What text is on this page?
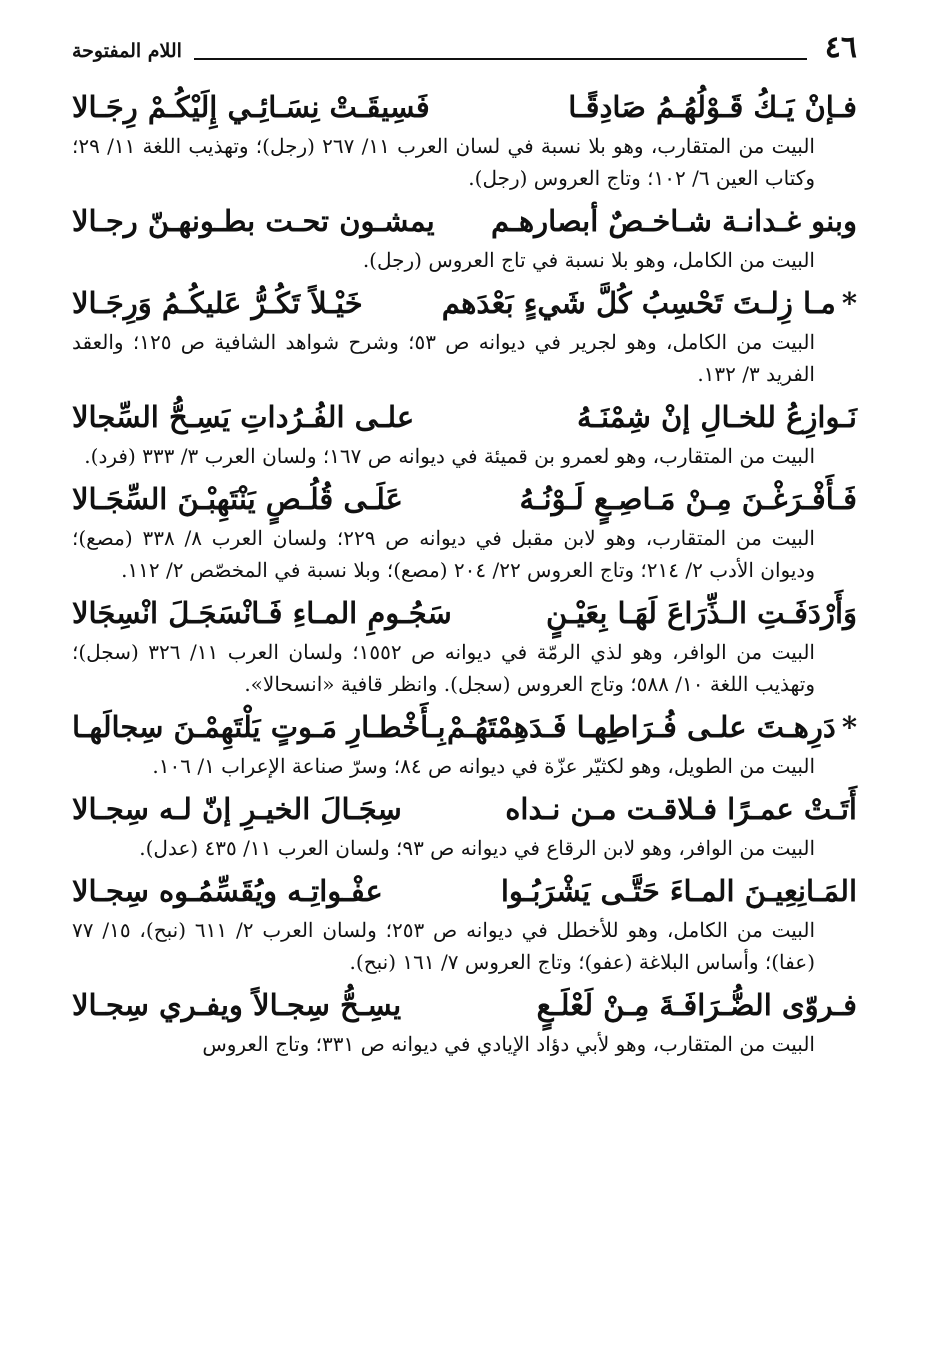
٤٦
اللام المفتوحة
فـإنْ يَـكُ قَـوْلُهُـمُ صَادِقًـا
فَسِيقَـتْ نِسَـائِـي إِلَيْكُـمْ رِجَـالا
البيت من المتقارب، وهو بلا نسبة في لسان العرب ١١/ ٢٦٧ (رجل)؛ وتهذيب اللغة ١١/ ٢٩؛ وكتاب العين ٦/ ١٠٢؛ وتاج العروس (رجل).
وبنو غـدانـة شـاخـصٌ أبصارهـم
يمشـون تحـت بطـونهـنّ رجـالا
البيت من الكامل، وهو بلا نسبة في تاج العروس (رجل).
*مـا زِلـتَ تَحْسِبُ كُلَّ شَيءٍ بَعْدَهم
خَيْـلاً تَكُـرُّ عَليكُـمُ وَرِجَـالا
البيت من الكامل، وهو لجرير في ديوانه ص ٥٣؛ وشرح شواهد الشافية ص ١٢٥؛ والعقد الفريد ٣/ ١٣٢.
نَـوازِعُ للخـالِ إنْ شِمْنَـهُ
علـى الفُـرُداتِ يَسِـحُّ السِّجالا
البيت من المتقارب، وهو لعمرو بن قميئة في ديوانه ص ١٦٧؛ ولسان العرب ٣/ ٣٣٣ (فرد).
فَـأَفْـرَغْـنَ مِـنْ مَـاصِـعٍ لَـوْنُـهُ
عَلَـى قُلُـصٍ يَنْتَهِبْـنَ السِّجَـالا
البيت من المتقارب، وهو لابن مقبل في ديوانه ص ٢٢٩؛ ولسان العرب ٨/ ٣٣٨ (مصع)؛ وديوان الأدب ٢/ ٢١٤؛ وتاج العروس ٢٢/ ٢٠٤ (مصع)؛ وبلا نسبة في المخصّص ٢/ ١١٢.
وَأَرْدَفَـتِ الـذِّرَاعَ لَهَـا بِعَيْـنٍ
سَجُـومِ المـاءِ فَـانْسَجَـلَ انْسِجَالا
البيت من الوافر، وهو لذي الرمّة في ديوانه ص ١٥٥٢؛ ولسان العرب ١١/ ٣٢٦ (سجل)؛ وتهذيب اللغة ١٠/ ٥٨٨؛ وتاج العروس (سجل). وانظر قافية «انسحالا».
*دَرِهـتَ علـى فُـرَاطِهـا فَـدَهِمْتَهُـمْ
بِـأَخْطـارِ مَـوتٍ يَلْتَهِمْـنَ سِجالَهـا
البيت من الطويل، وهو لكثيّر عزّة في ديوانه ص ٨٤؛ وسرّ صناعة الإعراب ١/ ١٠٦.
أَتَـتْ عمـرًا فـلاقـت مـن نـداه
سِجَـالَ الخيـرِ إنّ لـه سِجـالا
البيت من الوافر، وهو لابن الرقاع في ديوانه ص ٩٣؛ ولسان العرب ١١/ ٤٣٥ (عدل).
المَـانِعِيـنَ المـاءَ حَتَّـى يَشْرَبُـوا
عفْـواتِـه ويُقَسِّمُـوه سِجـالا
البيت من الكامل، وهو للأخطل في ديوانه ص ٢٥٣؛ ولسان العرب ٢/ ٦١١ (نبح)، ١٥/ ٧٧ (عفا)؛ وأساس البلاغة (عفو)؛ وتاج العروس ٧/ ١٦١ (نبح).
فـروّى الضُّـرَافَـةَ مِـنْ لَعْلَـعٍ
يسِـحُّ سِجـالاً ويفـري سِجـالا
البيت من المتقارب، وهو لأبي دؤاد الإيادي في ديوانه ص ٣٣١؛ وتاج العروس
